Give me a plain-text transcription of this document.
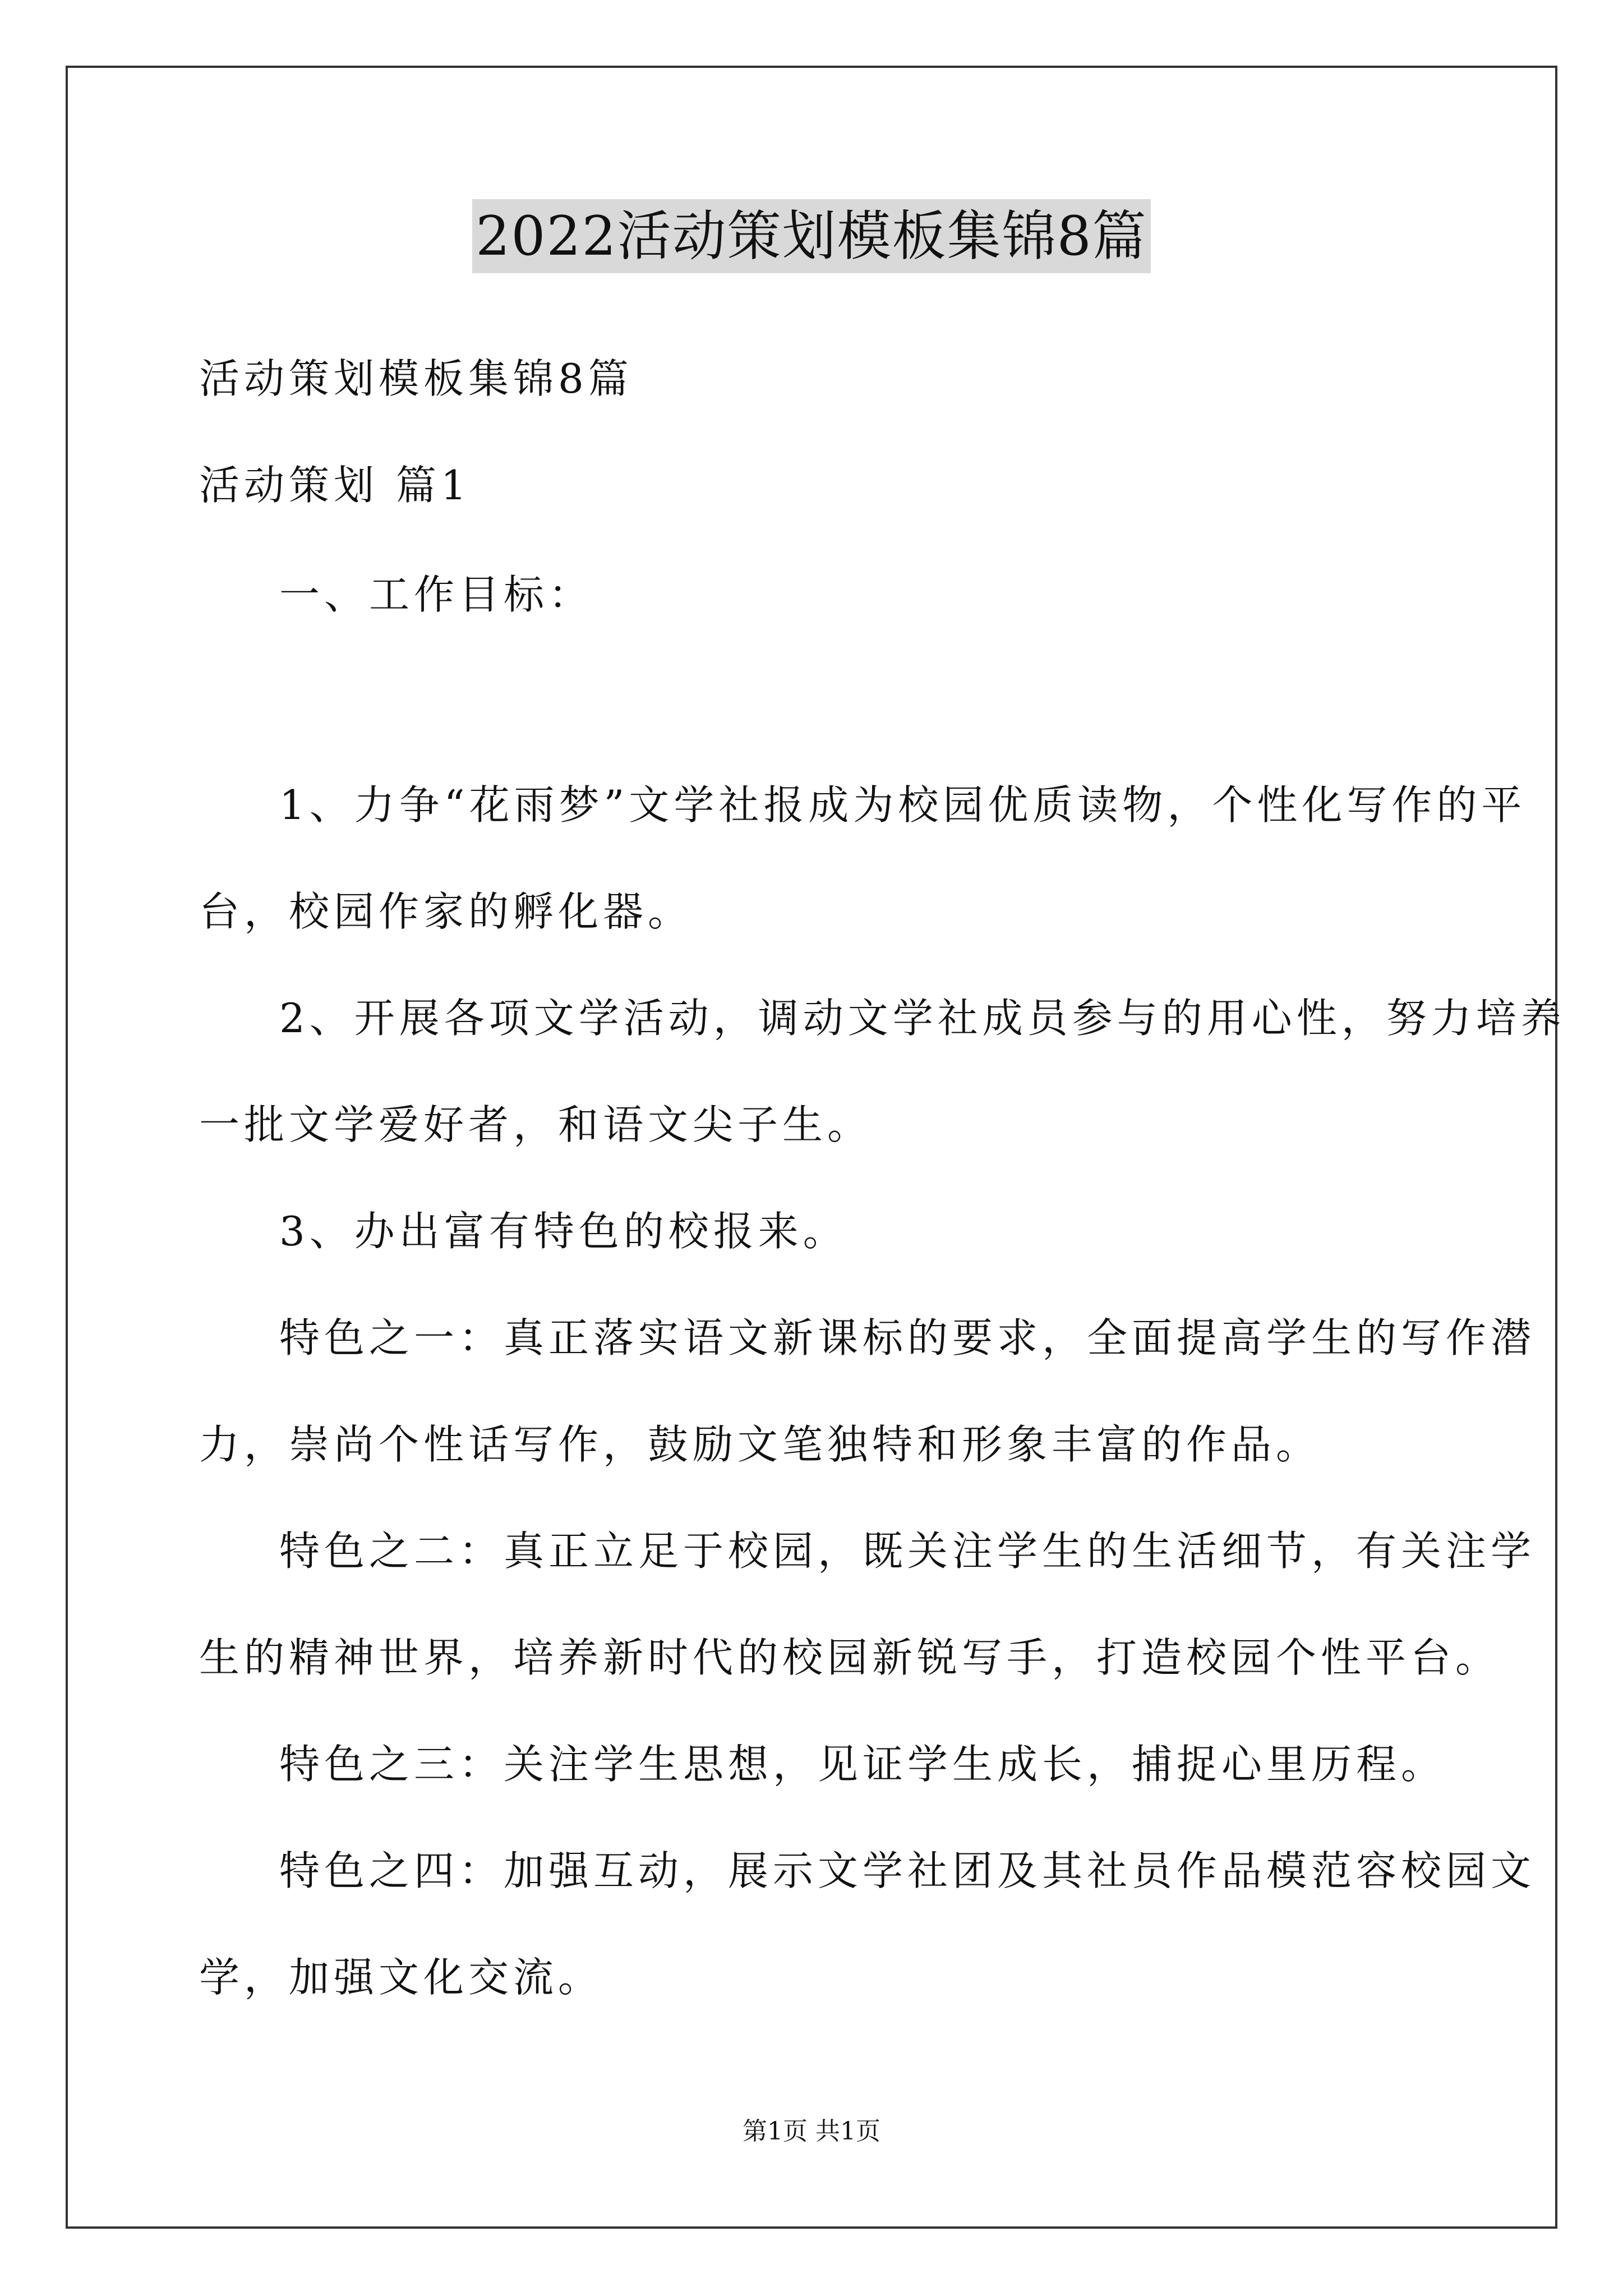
2022活动策划模板集锦8篇
活动策划模板集锦8篇
活动策划 篇1
一、工作目标：
1、力争“花雨梦”文学社报成为校园优质读物，个性化写作的平
台，校园作家的孵化器。
2、开展各项文学活动，调动文学社成员参与的用心性，努力培养
一批文学爱好者，和语文尖子生。
3、办出富有特色的校报来。
特色之一：真正落实语文新课标的要求，全面提高学生的写作潜
力，崇尚个性话写作，鼓励文笔独特和形象丰富的作品。
特色之二：真正立足于校园，既关注学生的生活细节，有关注学
生的精神世界，培养新时代的校园新锐写手，打造校园个性平台。
特色之三：关注学生思想，见证学生成长，捕捉心里历程。
特色之四：加强互动，展示文学社团及其社员作品模范容校园文
学，加强文化交流。
第1页 共1页
